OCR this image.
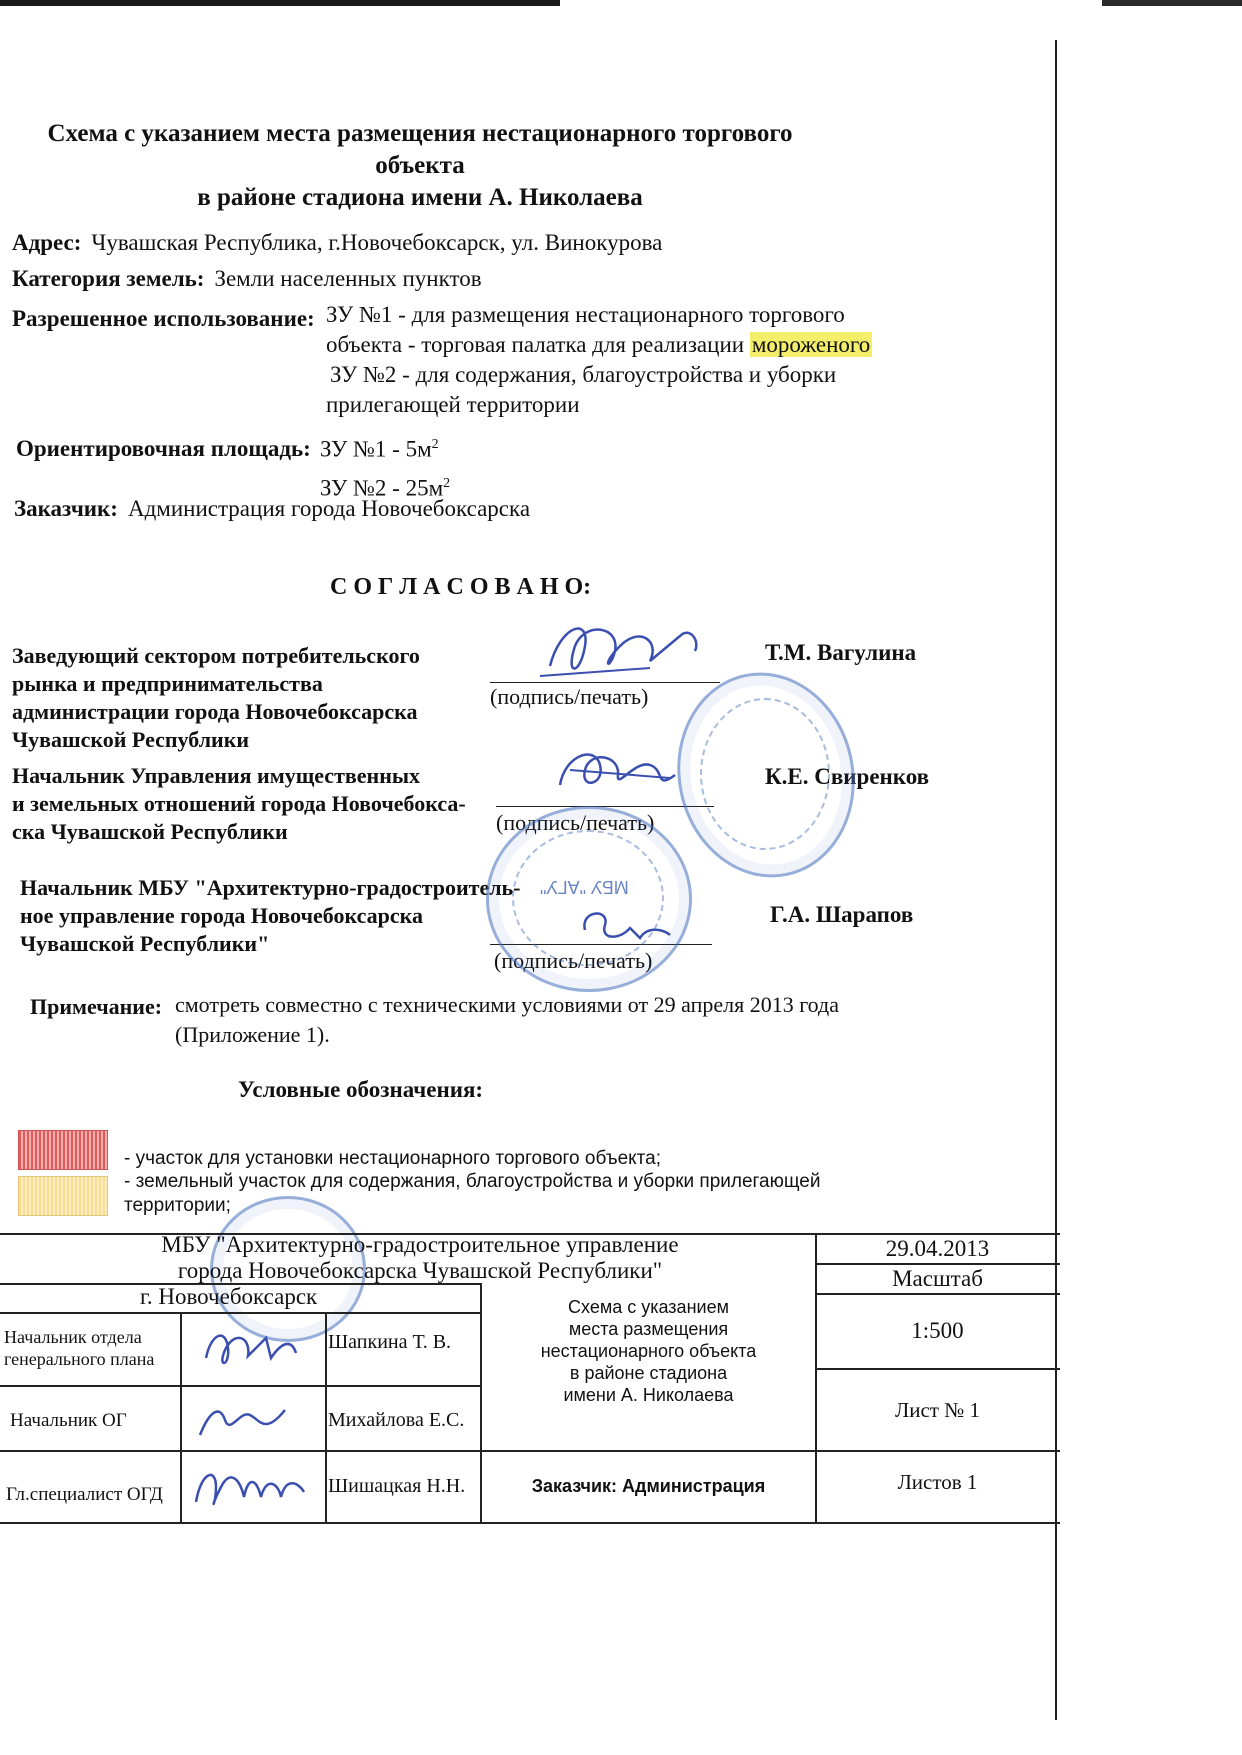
Схема с указанием места размещения нестационарного торгового объекта
в районе стадиона имени А. Николаева
Адрес: Чувашская Республика, г.Новочебоксарск, ул. Винокурова
Категория земель: Земли населенных пунктов
Разрешенное использование: ЗУ №1 - для размещения нестационарного торгового
объекта - торговая палатка для реализации мороженого
ЗУ №2 - для содержания, благоустройства и уборки
прилегающей территории
Ориентировочная площадь: ЗУ №1 - $5м^2$
ЗУ №2 - $25м^2$
Заказчик: Администрация города Новочебоксарска
С О Г Л А С О В А Н О:
Заведующий сектором потребительского
рынка и предпринимательства
администрации города Новочебоксарска
Чувашской Республики
(подпись/печать)
Т.М. Вагулина
Начальник Управления имущественных
и земельных отношений города Новочебокса-
ска Чувашской Республики	(подпись/печать)
К.Е. Свиренков
Начальник МБУ "Архитектурно-градостроитель-
ное управление города Новочебоксарска
Чувашской Республики"
(подпись/печать)
Г.А. Шарапов
МБУ "АГУ"
Примечание: смотреть совместно с техническими условиями от 29 апреля 2013 года
(Приложение 1).
Условные обозначения:
- участок для установки нестационарного торгового объекта;
- земельный участок для содержания, благоустройства и уборки прилегающей
территории;
МБУ "Архитектурно-градостроительное управление
города Новочебоксарска Чувашской Республики"
г. Новочебоксарск
29.04.2013
Масштаб
1:500
Лист № 1
Листов 1
Схема с указанием
места размещения
нестационарного объекта
в районе стадиона
имени А. Николаева
Заказчик: Администрация
Начальник отдела
генерального плана
Шапкина Т. В.
Начальник ОГ	Михайлова Е.С.
Гл.специалист ОГД	Шишацкая Н.Н.
